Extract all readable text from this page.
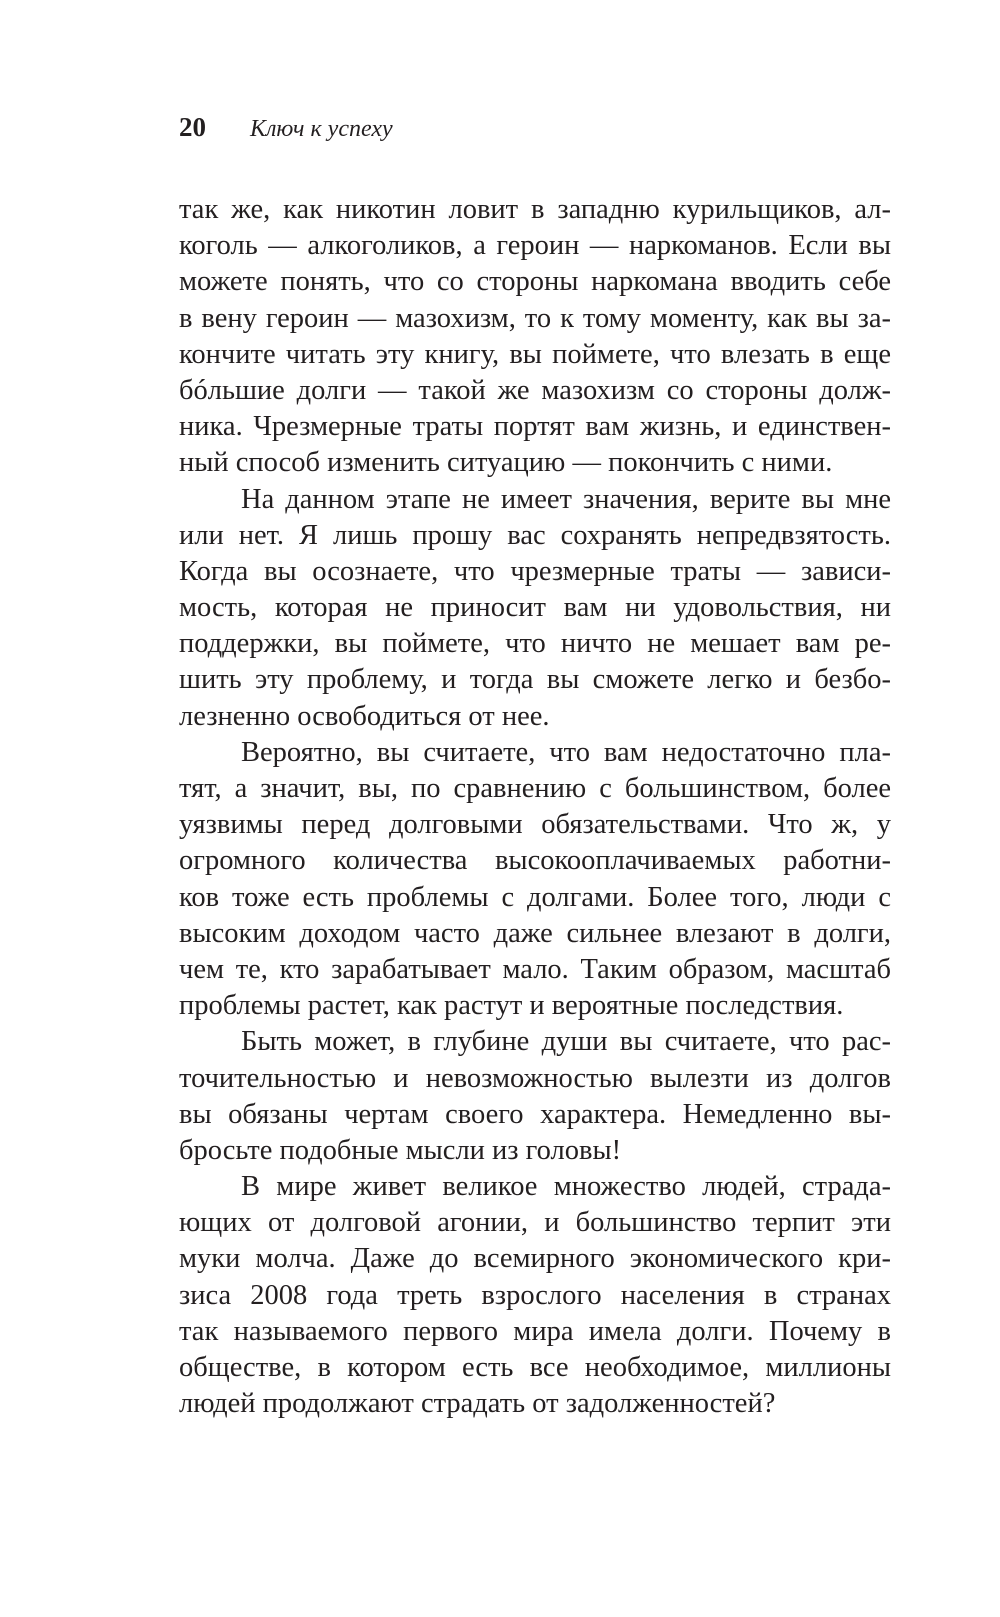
20 Ключ к успеху
так же, как никотин ловит в западню курильщиков, ал-
коголь — алкоголиков, а героин — наркоманов. Если вы
можете понять, что со стороны наркомана вводить себе
в вену героин — мазохизм, то к тому моменту, как вы за-
кончите читать эту книгу, вы поймете, что влезать в еще
бóльшие долги — такой же мазохизм со стороны долж-
ника. Чрезмерные траты портят вам жизнь, и единствен-
ный способ изменить ситуацию — покончить с ними.
На данном этапе не имеет значения, верите вы мне
или нет. Я лишь прошу вас сохранять непредвзятость.
Когда вы осознаете, что чрезмерные траты — зависи-
мость, которая не приносит вам ни удовольствия, ни
поддержки, вы поймете, что ничто не мешает вам ре-
шить эту проблему, и тогда вы сможете легко и безбо-
лезненно освободиться от нее.
Вероятно, вы считаете, что вам недостаточно пла-
тят, а значит, вы, по сравнению с большинством, более
уязвимы перед долговыми обязательствами. Что ж, у
огромного количества высокооплачиваемых работни-
ков тоже есть проблемы с долгами. Более того, люди с
высоким доходом часто даже сильнее влезают в долги,
чем те, кто зарабатывает мало. Таким образом, масштаб
проблемы растет, как растут и вероятные последствия.
Быть может, в глубине души вы считаете, что рас-
точительностью и невозможностью вылезти из долгов
вы обязаны чертам своего характера. Немедленно вы-
бросьте подобные мысли из головы!
В мире живет великое множество людей, страда-
ющих от долговой агонии, и большинство терпит эти
муки молча. Даже до всемирного экономического кри-
зиса 2008 года треть взрослого населения в странах
так называемого первого мира имела долги. Почему в
обществе, в котором есть все необходимое, миллионы
людей продолжают страдать от задолженностей?
